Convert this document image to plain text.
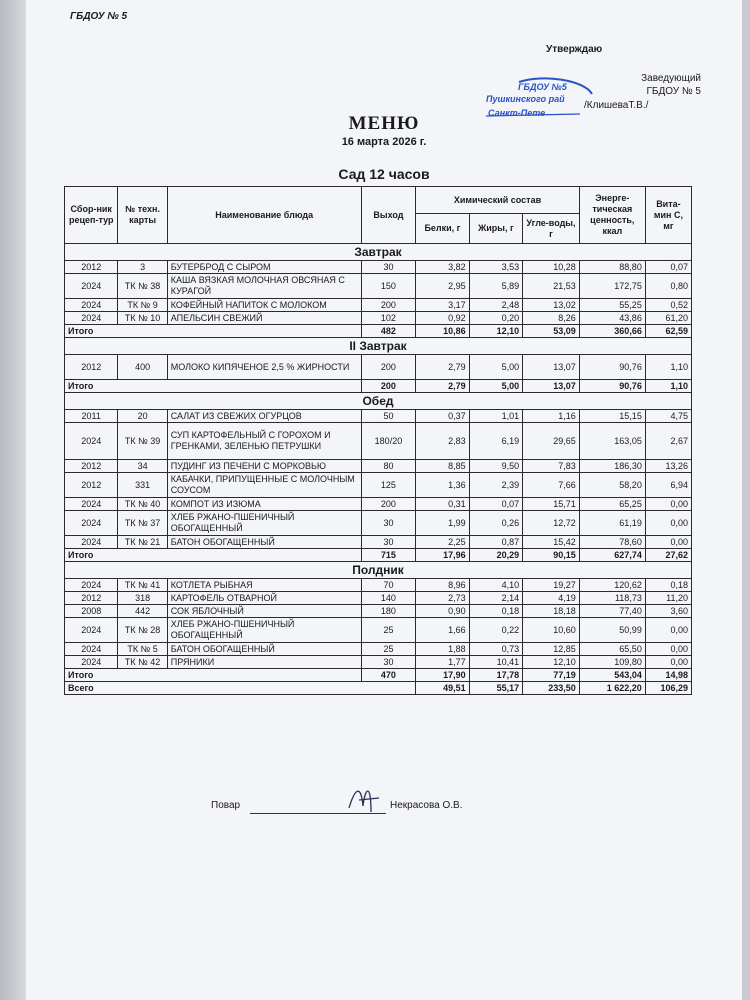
ГБДОУ № 5
Утверждаю
Заведующий
ГБДОУ № 5
/КлишеваТ.В./
ГБДОУ №5
Пушкинского рай
Санкт-Пете
МЕНЮ
16 марта 2026 г.
Сад 12 часов
Сбор-ник рецеп-тур	№ техн. карты	Наименование блюда	Выход	Химический состав			Энерге-тическая ценность, ккал	Вита-мин С, мг
				Белки, г	Жиры, г	Угле-воды, г		
Завтрак								
2012	3	БУТЕРБРОД С СЫРОМ	30	3,82	3,53	10,28	88,80	0,07
2024	ТК № 38	КАША ВЯЗКАЯ МОЛОЧНАЯ ОВСЯНАЯ С КУРАГОЙ	150	2,95	5,89	21,53	172,75	0,80
2024	ТК № 9	КОФЕЙНЫЙ НАПИТОК С МОЛОКОМ	200	3,17	2,48	13,02	55,25	0,52
2024	ТК № 10	АПЕЛЬСИН СВЕЖИЙ	102	0,92	0,20	8,26	43,86	61,20
Итого			482	10,86	12,10	53,09	360,66	62,59
II Завтрак								
2012	400	МОЛОКО КИПЯЧЕНОЕ 2,5 % ЖИРНОСТИ	200	2,79	5,00	13,07	90,76	1,10
Итого			200	2,79	5,00	13,07	90,76	1,10
Обед								
2011	20	САЛАТ ИЗ СВЕЖИХ ОГУРЦОВ	50	0,37	1,01	1,16	15,15	4,75
2024	ТК № 39	СУП КАРТОФЕЛЬНЫЙ С ГОРОХОМ И ГРЕНКАМИ, ЗЕЛЕНЬЮ ПЕТРУШКИ	180/20	2,83	6,19	29,65	163,05	2,67
2012	34	ПУДИНГ ИЗ ПЕЧЕНИ С МОРКОВЬЮ	80	8,85	9,50	7,83	186,30	13,26
2012	331	КАБАЧКИ, ПРИПУЩЕННЫЕ С МОЛОЧНЫМ СОУСОМ	125	1,36	2,39	7,66	58,20	6,94
2024	ТК № 40	КОМПОТ ИЗ ИЗЮМА	200	0,31	0,07	15,71	65,25	0,00
2024	ТК № 37	ХЛЕБ РЖАНО-ПШЕНИЧНЫЙ ОБОГАЩЕННЫЙ	30	1,99	0,26	12,72	61,19	0,00
2024	ТК № 21	БАТОН ОБОГАЩЕННЫЙ	30	2,25	0,87	15,42	78,60	0,00
Итого			715	17,96	20,29	90,15	627,74	27,62
Полдник								
2024	ТК № 41	КОТЛЕТА РЫБНАЯ	70	8,96	4,10	19,27	120,62	0,18
2012	318	КАРТОФЕЛЬ ОТВАРНОЙ	140	2,73	2,14	4,19	118,73	11,20
2008	442	СОК ЯБЛОЧНЫЙ	180	0,90	0,18	18,18	77,40	3,60
2024	ТК № 28	ХЛЕБ РЖАНО-ПШЕНИЧНЫЙ ОБОГАЩЕННЫЙ	25	1,66	0,22	10,60	50,99	0,00
2024	ТК № 5	БАТОН ОБОГАЩЕННЫЙ	25	1,88	0,73	12,85	65,50	0,00
2024	ТК № 42	ПРЯНИКИ	30	1,77	10,41	12,10	109,80	0,00
Итого			470	17,90	17,78	77,19	543,04	14,98
Всего				49,51	55,17	233,50	1 622,20	106,29
Повар	Некрасова О.В.
